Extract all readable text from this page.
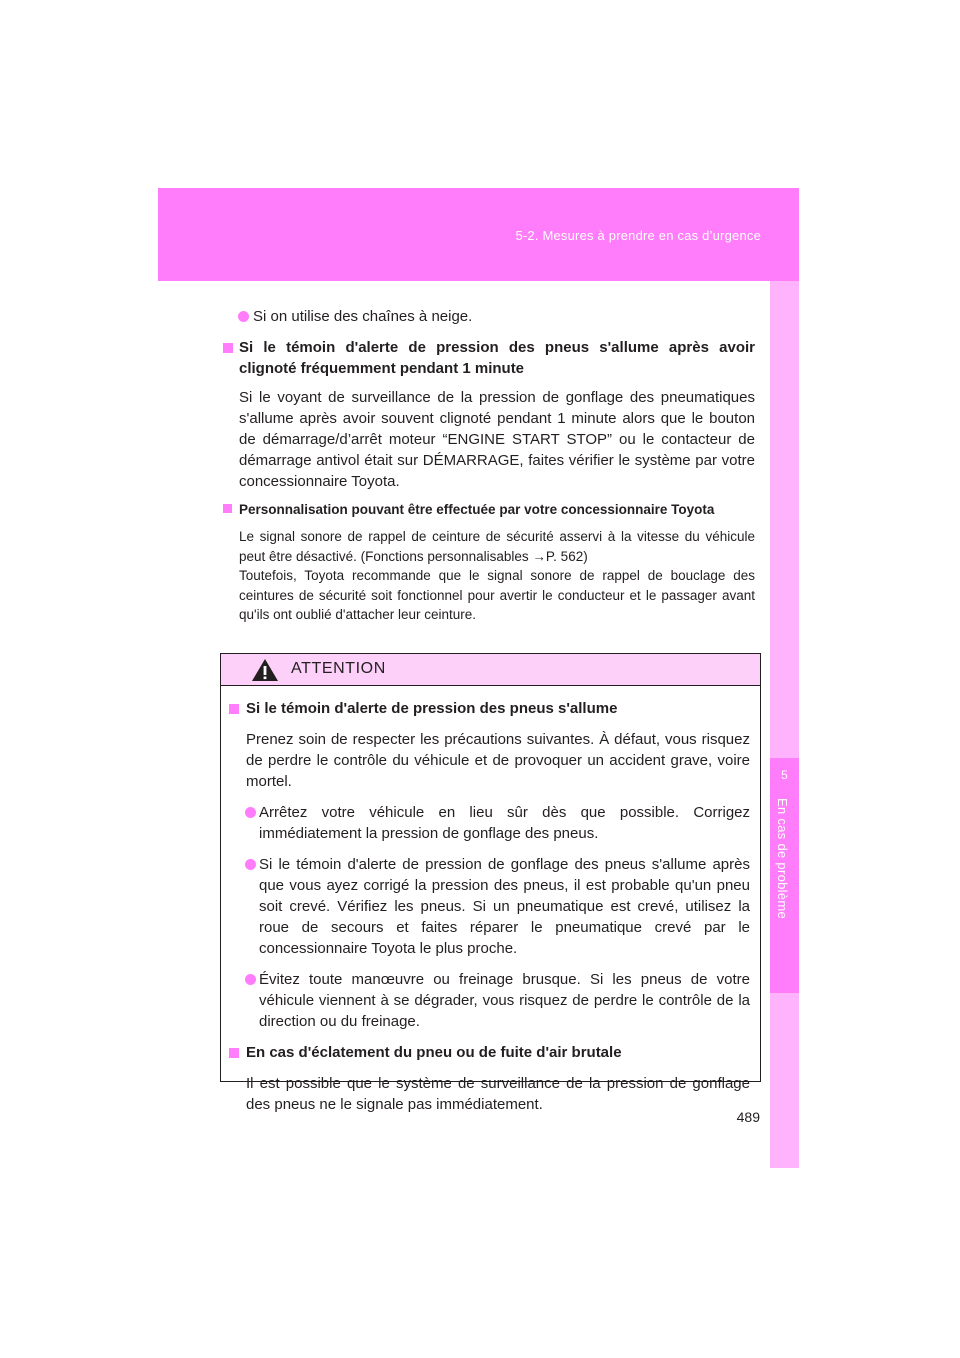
5-2. Mesures à prendre en cas d’urgence
5
En cas de problème

Si on utilise des chaînes à neige.

Si le témoin d'alerte de pression des pneus s'allume après avoir clignoté fréquemment pendant 1 minute

Si le voyant de surveillance de la pression de gonflage des pneumatiques s'allume après avoir souvent clignoté pendant 1 minute alors que le bouton de démarrage/d’arrêt moteur “ENGINE START STOP” ou le contacteur de démarrage antivol était sur DÉMARRAGE, faites vérifier le système par votre concessionnaire Toyota.

Personnalisation pouvant être effectuée par votre concessionnaire Toyota

Le signal sonore de rappel de ceinture de sécurité asservi à la vitesse du véhicule peut être désactivé. (Fonctions personnalisables →P. 562)

Toutefois, Toyota recommande que le signal sonore de rappel de bouclage des ceintures de sécurité soit fonctionnel pour avertir le conducteur et le passager avant qu'ils ont oublié d'attacher leur ceinture.

ATTENTION

Si le témoin d'alerte de pression des pneus s'allume

Prenez soin de respecter les précautions suivantes. À défaut, vous risquez de perdre le contrôle du véhicule et de provoquer un accident grave, voire mortel.

Arrêtez votre véhicule en lieu sûr dès que possible. Corrigez immédiatement la pression de gonflage des pneus.

Si le témoin d'alerte de pression de gonflage des pneus s'allume après que vous ayez corrigé la pression des pneus, il est probable qu'un pneu soit crevé. Vérifiez les pneus. Si un pneumatique est crevé, utilisez la roue de secours et faites réparer le pneumatique crevé par le concessionnaire Toyota le plus proche.

Évitez toute manœuvre ou freinage brusque. Si les pneus de votre véhicule viennent à se dégrader, vous risquez de perdre le contrôle de la direction ou du freinage.

En cas d'éclatement du pneu ou de fuite d'air brutale

Il est possible que le système de surveillance de la pression de gonflage des pneus ne le signale pas immédiatement.

489
